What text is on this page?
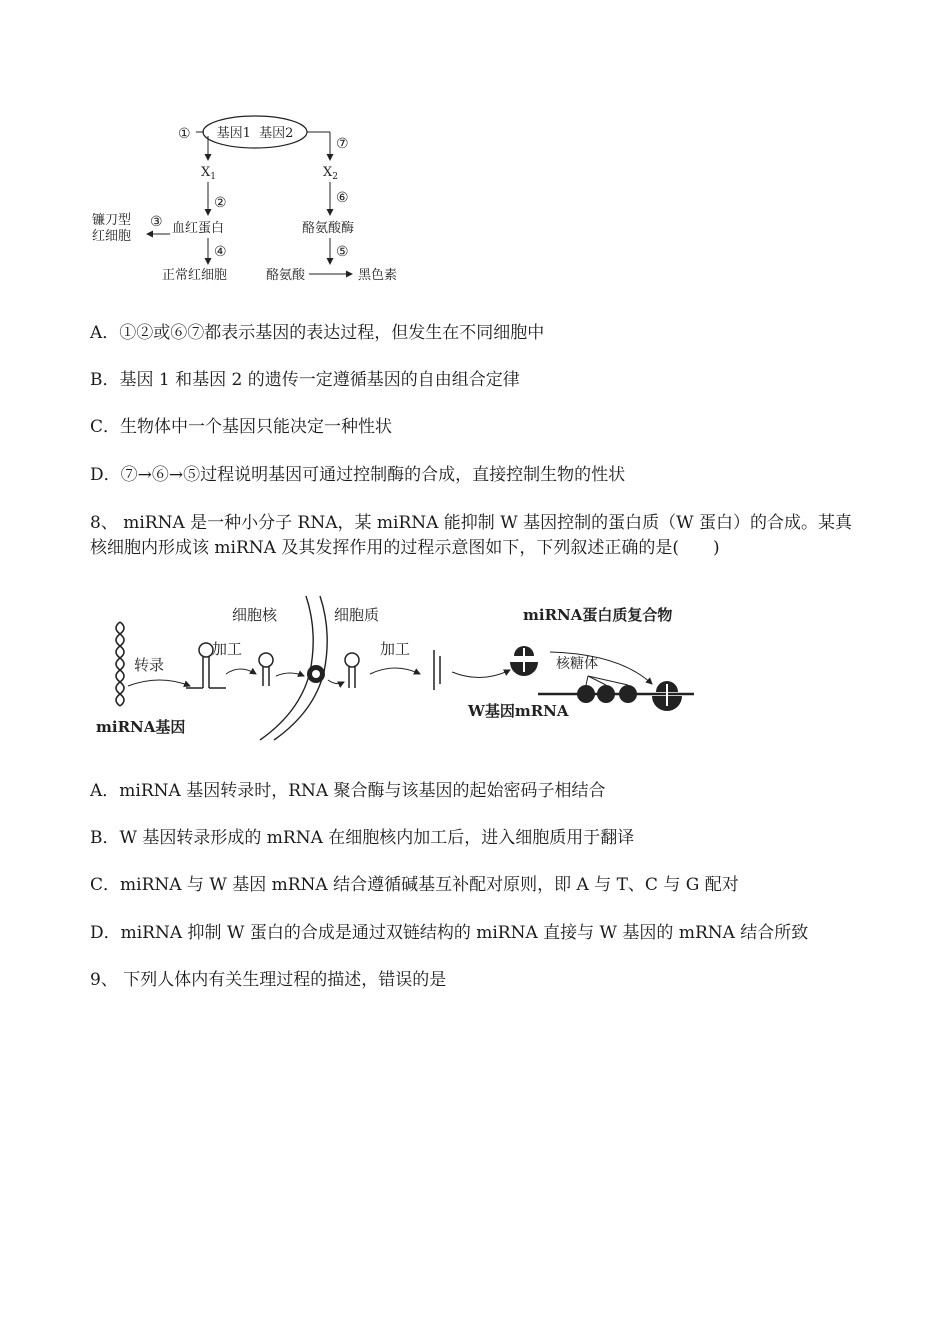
基因1  基因2
①
⑦
$X_1$	$X_2$
②	⑥
血红蛋白	酪氨酸酶
镰刀型
红细胞
③
④	⑤
正常红细胞	酪氨酸	黑色素
A．①②或⑥⑦都表示基因的表达过程，但发生在不同细胞中
B．基因 1 和基因 2 的遗传一定遵循基因的自由组合定律
C．生物体中一个基因只能决定一种性状
D．⑦→⑥→⑤过程说明基因可通过控制酶的合成，直接控制生物的性状
8、 miRNA 是一种小分子 RNA，某 miRNA 能抑制 W 基因控制的蛋白质（W 蛋白）的合成。某真
核细胞内形成该 miRNA 及其发挥作用的过程示意图如下，下列叙述正确的是(　　)
细胞核	细胞质	miRNA蛋白质复合物
转录
加工	加工
核糖体
miRNA基因
W基因mRNA
A．miRNA 基因转录时，RNA 聚合酶与该基因的起始密码子相结合
B．W 基因转录形成的 mRNA 在细胞核内加工后，进入细胞质用于翻译
C．miRNA 与 W 基因 mRNA 结合遵循碱基互补配对原则，即 A 与 T、C 与 G 配对
D．miRNA 抑制 W 蛋白的合成是通过双链结构的 miRNA 直接与 W 基因的 mRNA 结合所致
9、 下列人体内有关生理过程的描述，错误的是
